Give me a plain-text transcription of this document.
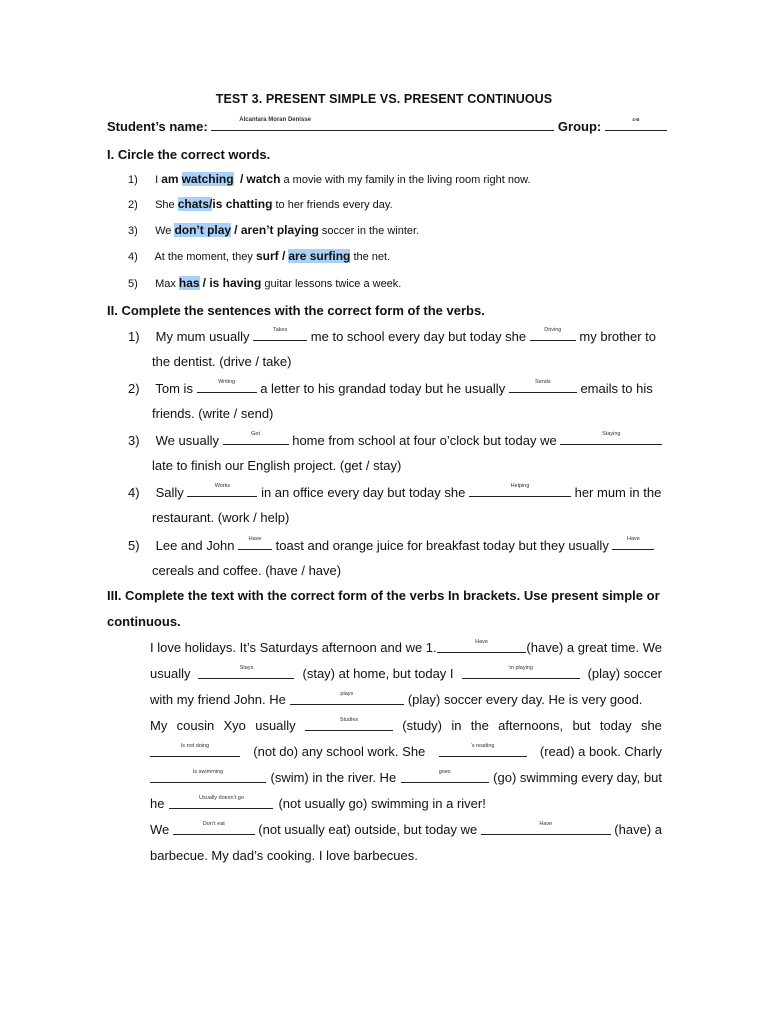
TEST 3. PRESENT SIMPLE VS. PRESENT CONTINUOUS
Student’s name:	Alcantara Moran Denisse	Group:	4-B
I. Circle the correct words.
1) I am watching  / watch a movie with my family in the living room right now.
2) She chats/is chatting to her friends every day.
3) We don’t play / aren’t playing soccer in the winter.
4) At the moment, they surf / are surfing the net.
5) Max has / is having guitar lessons twice a week.
II. Complete the sentences with the correct form of the verbs.
1) My mum usually	Takes	me to school every day but today she	Driving	my brother to
the dentist. (drive / take)
2) Tom is	Writing	a letter to his grandad today but he usually	Sends	emails to his
friends. (write / send)
3) We usually	Get	home from school at four o’clock but today we	Staying
late to finish our English project. (get / stay)
4) Sally	Works	in an office every day but today she	Helping	her mum in the
restaurant. (work / help)
5) Lee and John	Have	toast and orange juice for breakfast today but they usually	Have
cereals and coffee. (have / have)
III. Complete the text with the correct form of the verbs In brackets. Use present simple or
continuous.
I love holidays. It’s Saturdays afternoon and we 1.	Have	(have) a great time. We
usually	Stays	(stay) at home, but today I	’m playing	(play) soccer
with my friend John. He	plays	(play) soccer every day. He is very good.
My cousin Xyo usually	Studies	(study) in the afternoons, but today she
Is not doing	(not do) any school work. She	’s reading	(read) a book. Charly
Is swimming	(swim) in the river. He	goes	(go) swimming every day, but
he	Usually doesn’t go	(not usually go) swimming in a river!
We	Don’t eat	(not usually eat) outside, but today we	Have	(have) a
barbecue. My dad’s cooking. I love barbecues.
